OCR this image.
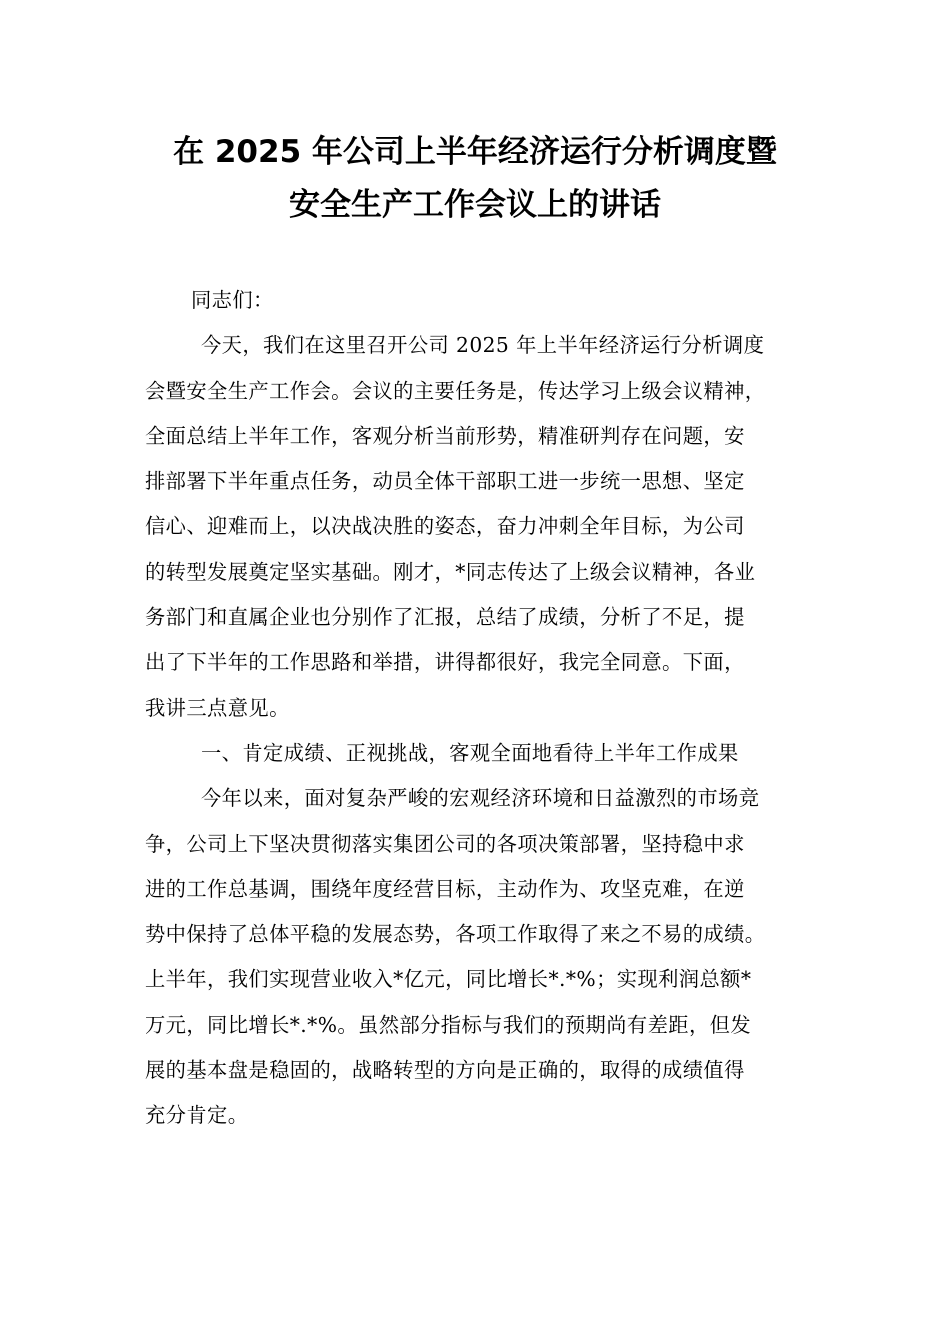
在 2025 年公司上半年经济运行分析调度暨
安全生产工作会议上的讲话

同志们：

今天，我们在这里召开公司 2025 年上半年经济运行分析调度
会暨安全生产工作会。会议的主要任务是，传达学习上级会议精神，
全面总结上半年工作，客观分析当前形势，精准研判存在问题，安
排部署下半年重点任务，动员全体干部职工进一步统一思想、坚定
信心、迎难而上，以决战决胜的姿态，奋力冲刺全年目标，为公司
的转型发展奠定坚实基础。刚才，*同志传达了上级会议精神，各业
务部门和直属企业也分别作了汇报，总结了成绩，分析了不足，提
出了下半年的工作思路和举措，讲得都很好，我完全同意。下面，
我讲三点意见。

一、肯定成绩、正视挑战，客观全面地看待上半年工作成果

今年以来，面对复杂严峻的宏观经济环境和日益激烈的市场竞
争，公司上下坚决贯彻落实集团公司的各项决策部署，坚持稳中求
进的工作总基调，围绕年度经营目标，主动作为、攻坚克难，在逆
势中保持了总体平稳的发展态势，各项工作取得了来之不易的成绩。
上半年，我们实现营业收入*亿元，同比增长*.*%；实现利润总额*
万元，同比增长*.*%。虽然部分指标与我们的预期尚有差距，但发
展的基本盘是稳固的，战略转型的方向是正确的，取得的成绩值得
充分肯定。
